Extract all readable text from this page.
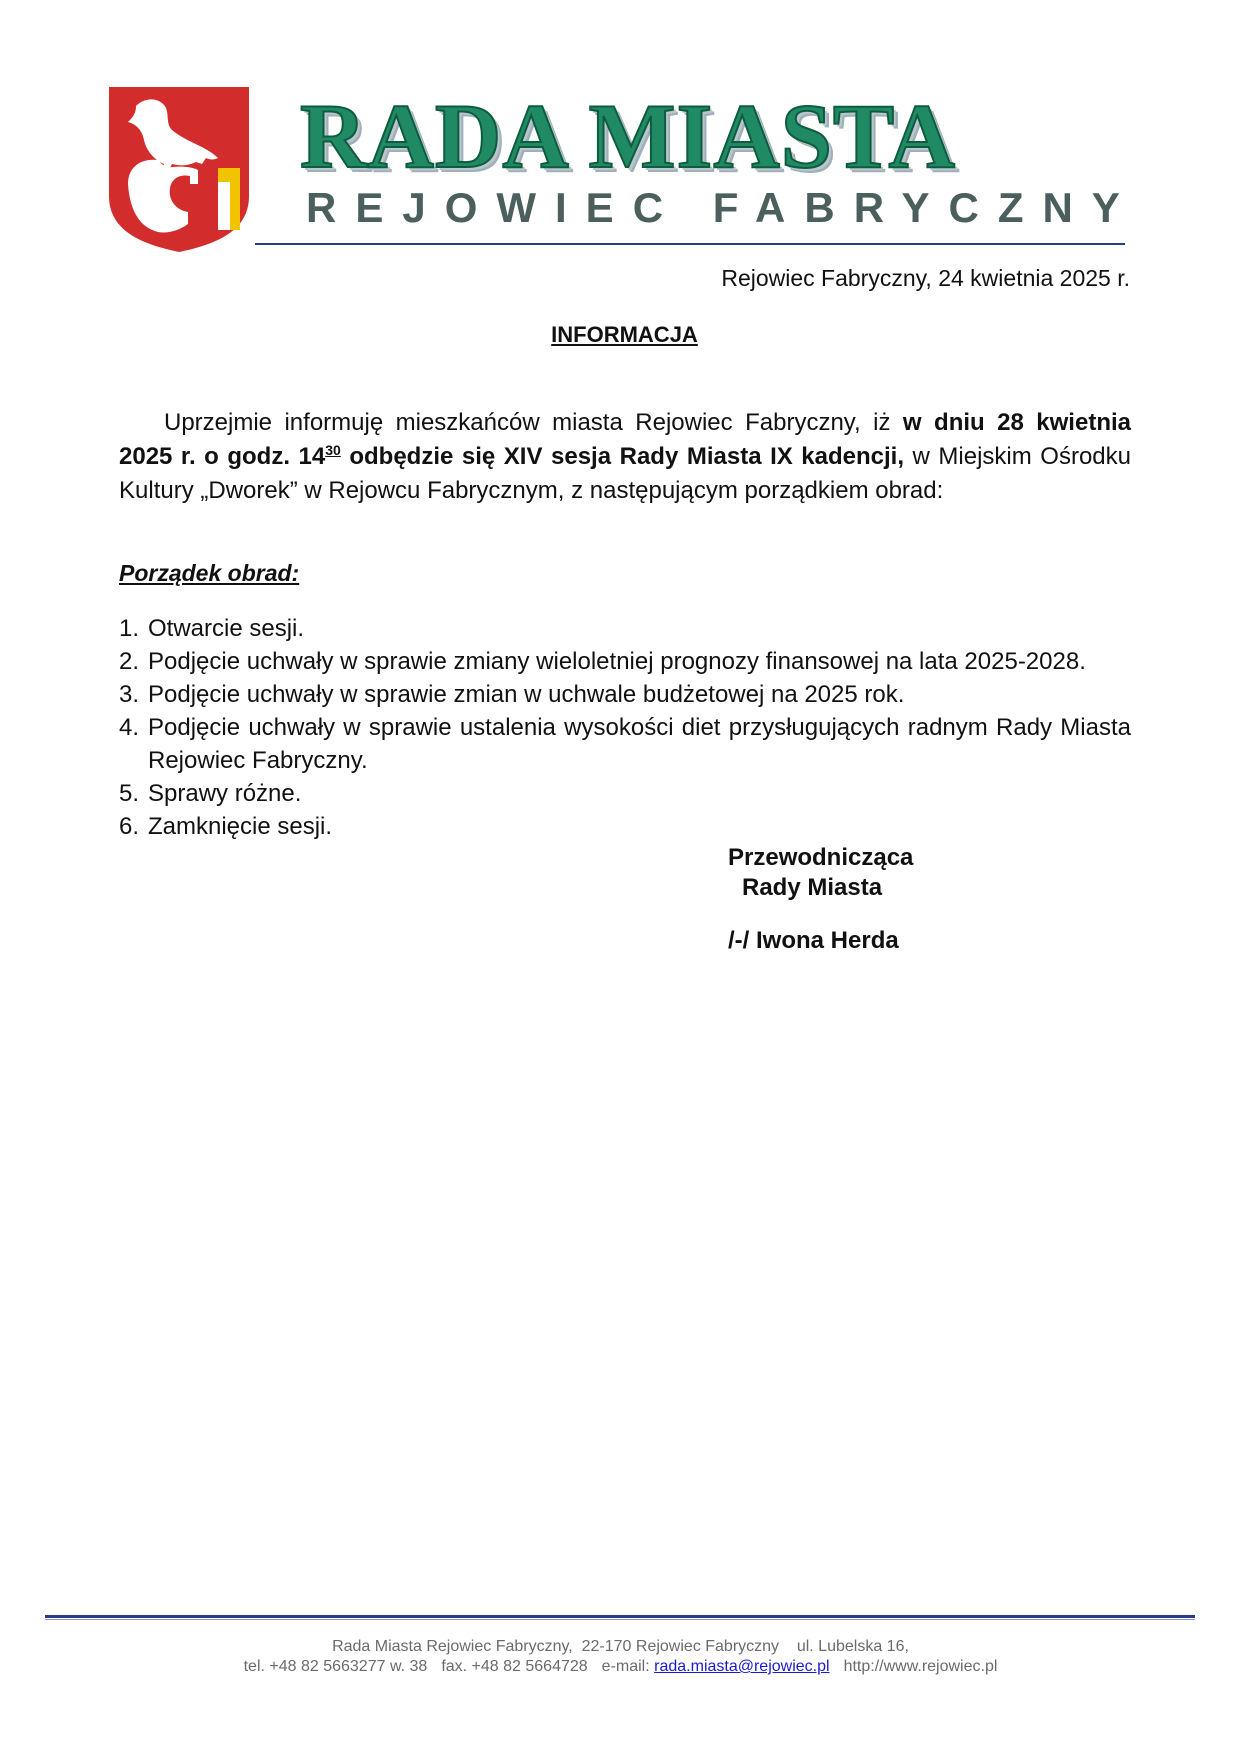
RADA MIASTA
REJOWIEC FABRYCZNY
Rejowiec Fabryczny, 24 kwietnia 2025 r.
INFORMACJA

Uprzejmie informuję mieszkańców miasta Rejowiec Fabryczny, iż w dniu 28 kwietnia 2025 r. o godz. $14^{30}$ odbędzie się XIV sesja Rady Miasta IX kadencji, w Miejskim Ośrodku Kultury „Dworek” w Rejowcu Fabrycznym, z następującym porządkiem obrad:

Porządek obrad:
1. Otwarcie sesji.
2. Podjęcie uchwały w sprawie zmiany wieloletniej prognozy finansowej na lata 2025-2028.
3. Podjęcie uchwały w sprawie zmian w uchwale budżetowej na 2025 rok.
4. Podjęcie uchwały w sprawie ustalenia wysokości diet przysługujących radnym Rady Miasta Rejowiec Fabryczny.
5. Sprawy różne.
6. Zamknięcie sesji.
Przewodnicząca
Rady Miasta
/-/ Iwona Herda
Rada Miasta Rejowiec Fabryczny,  22-170 Rejowiec Fabryczny    ul. Lubelska 16,
tel. +48 82 5663277 w. 38 fax. +48 82 5664728 e-mail: rada.miasta@rejowiec.pl http://www.rejowiec.pl
